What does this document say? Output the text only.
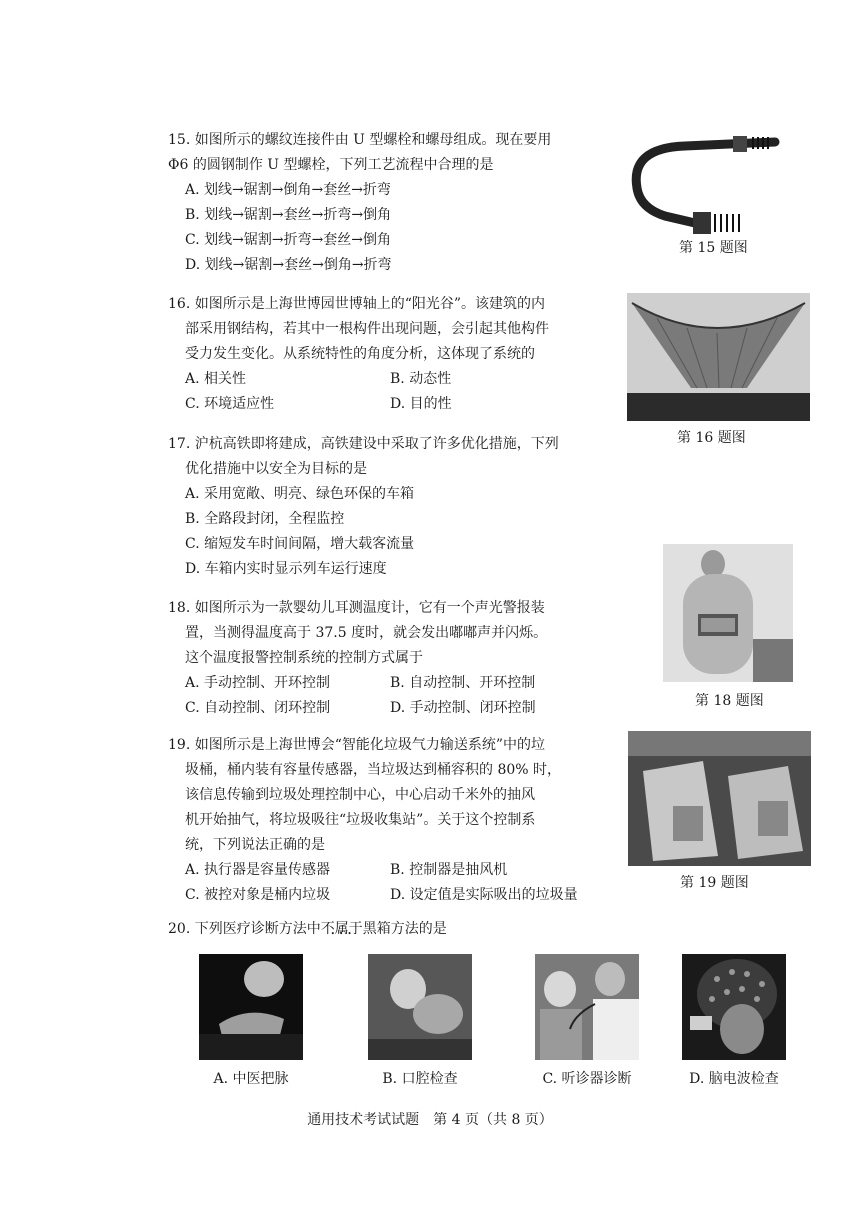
15. 如图所示的螺纹连接件由 U 型螺栓和螺母组成。现在要用
Φ6 的圆钢制作 U 型螺栓，下列工艺流程中合理的是
A. 划线→锯割→倒角→套丝→折弯
B. 划线→锯割→套丝→折弯→倒角
C. 划线→锯割→折弯→套丝→倒角
D. 划线→锯割→套丝→倒角→折弯
第 15 题图
16. 如图所示是上海世博园世博轴上的“阳光谷”。该建筑的内
部采用钢结构，若其中一根构件出现问题，会引起其他构件
受力发生变化。从系统特性的角度分析，这体现了系统的
A. 相关性	B. 动态性
C. 环境适应性	D. 目的性
第 16 题图
17. 沪杭高铁即将建成，高铁建设中采取了许多优化措施，下列
优化措施中以安全为目标的是
A. 采用宽敞、明亮、绿色环保的车箱
B. 全路段封闭，全程监控
C. 缩短发车时间间隔，增大载客流量
D. 车箱内实时显示列车运行速度
18. 如图所示为一款婴幼儿耳测温度计，它有一个声光警报装
置，当测得温度高于 37.5 度时，就会发出嘟嘟声并闪烁。
这个温度报警控制系统的控制方式属于
A. 手动控制、开环控制	B. 自动控制、开环控制
C. 自动控制、闭环控制	D. 手动控制、闭环控制	第 18 题图
19. 如图所示是上海世博会“智能化垃圾气力输送系统”中的垃
圾桶，桶内装有容量传感器，当垃圾达到桶容积的 80% 时，
该信息传输到垃圾处理控制中心，中心启动千米外的抽风
机开始抽气，将垃圾吸往“垃圾收集站”。关于这个控制系
统，下列说法正确的是
A. 执行器是容量传感器	B. 控制器是抽风机
C. 被控对象是桶内垃圾	D. 设定值是实际吸出的垃圾量
第 19 题图
20. 下列医疗诊断方法中不属于 • • •黑箱方法的是
A. 中医把脉	B. 口腔检查	C. 听诊器诊断	D. 脑电波检查
通用技术考试试题　第 4 页（共 8 页）
